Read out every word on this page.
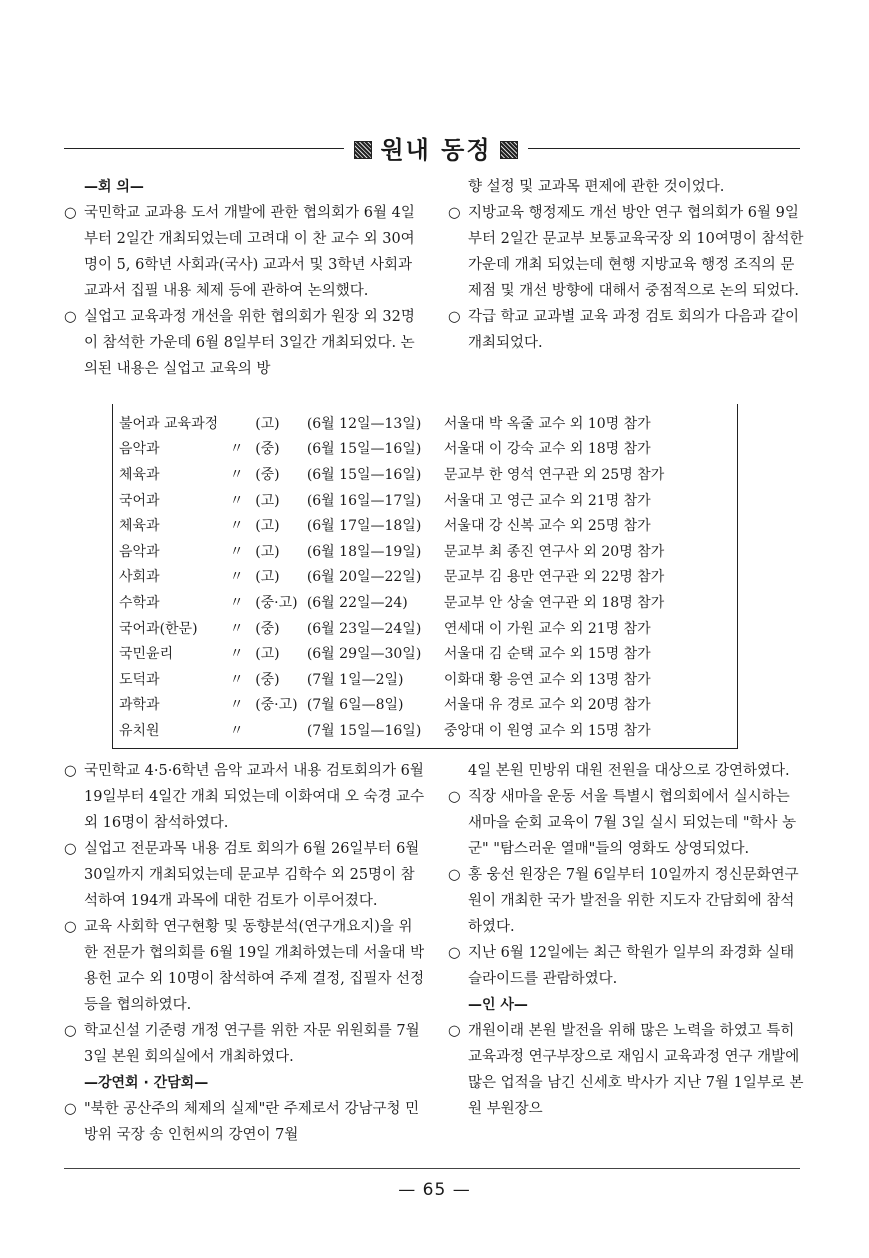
원내 동정

—회 의—

○ 국민학교 교과용 도서 개발에 관한 협의회가 6월 4일부터 2일간 개최되었는데 고려대 이 찬 교수 외 30여명이 5, 6학년 사회과(국사) 교과서 및 3학년 사회과 교과서 집필 내용 체제 등에 관하여 논의했다.

○ 실업고 교육과정 개선을 위한 협의회가 원장 외 32명이 참석한 가운데 6월 8일부터 3일간 개최되었다. 논의된 내용은 실업고 교육의 방

향 설정 및 교과목 편제에 관한 것이었다.

○ 지방교육 행정제도 개선 방안 연구 협의회가 6월 9일부터 2일간 문교부 보통교육국장 외 10여명이 참석한 가운데 개최 되었는데 현행 지방교육 행정 조직의 문제점 및 개선 방향에 대해서 중점적으로 논의 되었다.

○ 각급 학교 교과별 교육 과정 검토 회의가 다음과 같이 개최되었다.

불어과 교육과정		(고)	(6월 12일—13일)	서울대 박 옥줄 교수 외 10명 참가
음악과	〃	(중)	(6월 15일—16일)	서울대 이 강숙 교수 외 18명 참가
체육과	〃	(중)	(6월 15일—16일)	문교부 한 영석 연구관 외 25명 참가
국어과	〃	(고)	(6월 16일—17일)	서울대 고 영근 교수 외 21명 참가
체육과	〃	(고)	(6월 17일—18일)	서울대 강 신복 교수 외 25명 참가
음악과	〃	(고)	(6월 18일—19일)	문교부 최 종진 연구사 외 20명 참가
사회과	〃	(고)	(6월 20일—22일)	문교부 김 용만 연구관 외 22명 참가
수학과	〃	(중·고)	(6월 22일—24)	문교부 안 상술 연구관 외 18명 참가
국어과(한문)	〃	(중)	(6월 23일—24일)	연세대 이 가원 교수 외 21명 참가
국민윤리	〃	(고)	(6월 29일—30일)	서울대 김 순택 교수 외 15명 참가
도덕과	〃	(중)	(7월 1일—2일)	이화대 황 응연 교수 외 13명 참가
과학과	〃	(중·고)	(7월 6일—8일)	서울대 유 경로 교수 외 20명 참가
유치원	〃		(7월 15일—16일)	중앙대 이 원영 교수 외 15명 참가

○ 국민학교 4·5·6학년 음악 교과서 내용 검토회의가 6월 19일부터 4일간 개최 되었는데 이화여대 오 숙경 교수 외 16명이 참석하였다.

○ 실업고 전문과목 내용 검토 회의가 6월 26일부터 6월 30일까지 개최되었는데 문교부 김학수 외 25명이 참석하여 194개 과목에 대한 검토가 이루어졌다.

○ 교육 사회학 연구현황 및 동향분석(연구개요지)을 위한 전문가 협의회를 6월 19일 개최하였는데 서울대 박 용헌 교수 외 10명이 참석하여 주제 결정, 집필자 선정 등을 협의하였다.

○ 학교신설 기준령 개정 연구를 위한 자문 위원회를 7월 3일 본원 회의실에서 개최하였다.

—강연회 · 간담회—

○ "북한 공산주의 체제의 실제"란 주제로서 강남구청 민방위 국장 송 인헌씨의 강연이 7월

4일 본원 민방위 대원 전원을 대상으로 강연하였다.

○ 직장 새마을 운동 서울 특별시 협의회에서 실시하는 새마을 순회 교육이 7월 3일 실시 되었는데 "학사 농군" "탐스러운 열매"들의 영화도 상영되었다.

○ 홍 웅선 원장은 7월 6일부터 10일까지 정신문화연구원이 개최한 국가 발전을 위한 지도자 간담회에 참석하였다.

○ 지난 6월 12일에는 최근 학원가 일부의 좌경화 실태 슬라이드를 관람하였다.

—인 사—

○ 개원이래 본원 발전을 위해 많은 노력을 하였고 특히 교육과정 연구부장으로 재임시 교육과정 연구 개발에 많은 업적을 남긴 신세호 박사가 지난 7월 1일부로 본원 부원장으

— 65 —
